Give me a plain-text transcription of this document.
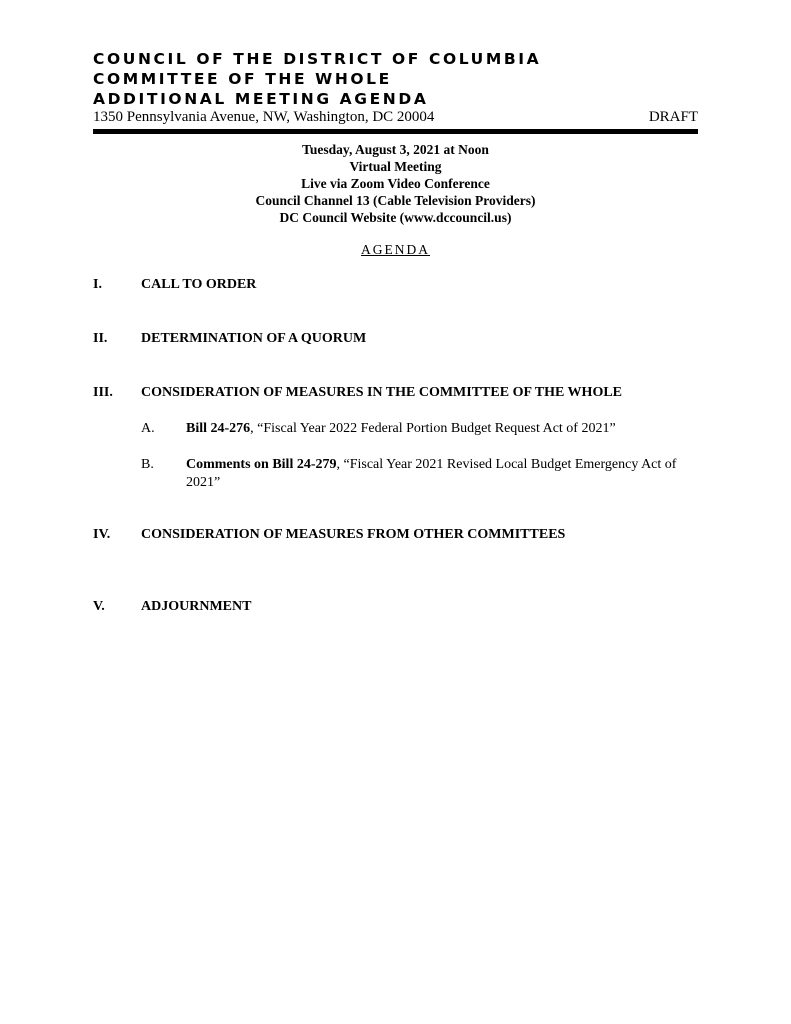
COUNCIL OF THE DISTRICT OF COLUMBIA
COMMITTEE OF THE WHOLE
ADDITIONAL MEETING AGENDA
1350 Pennsylvania Avenue, NW, Washington, DC 20004	DRAFT
Tuesday, August 3, 2021 at Noon
Virtual Meeting
Live via Zoom Video Conference
Council Channel 13 (Cable Television Providers)
DC Council Website (www.dccouncil.us)
AGENDA
I.	CALL TO ORDER
II. DETERMINATION OF A QUORUM
III. CONSIDERATION OF MEASURES IN THE COMMITTEE OF THE WHOLE
A. Bill 24-276, “Fiscal Year 2022 Federal Portion Budget Request Act of 2021”
B. Comments on Bill 24-279, “Fiscal Year 2021 Revised Local Budget Emergency Act of 2021”
IV. CONSIDERATION OF MEASURES FROM OTHER COMMITTEES
V.	ADJOURNMENT
